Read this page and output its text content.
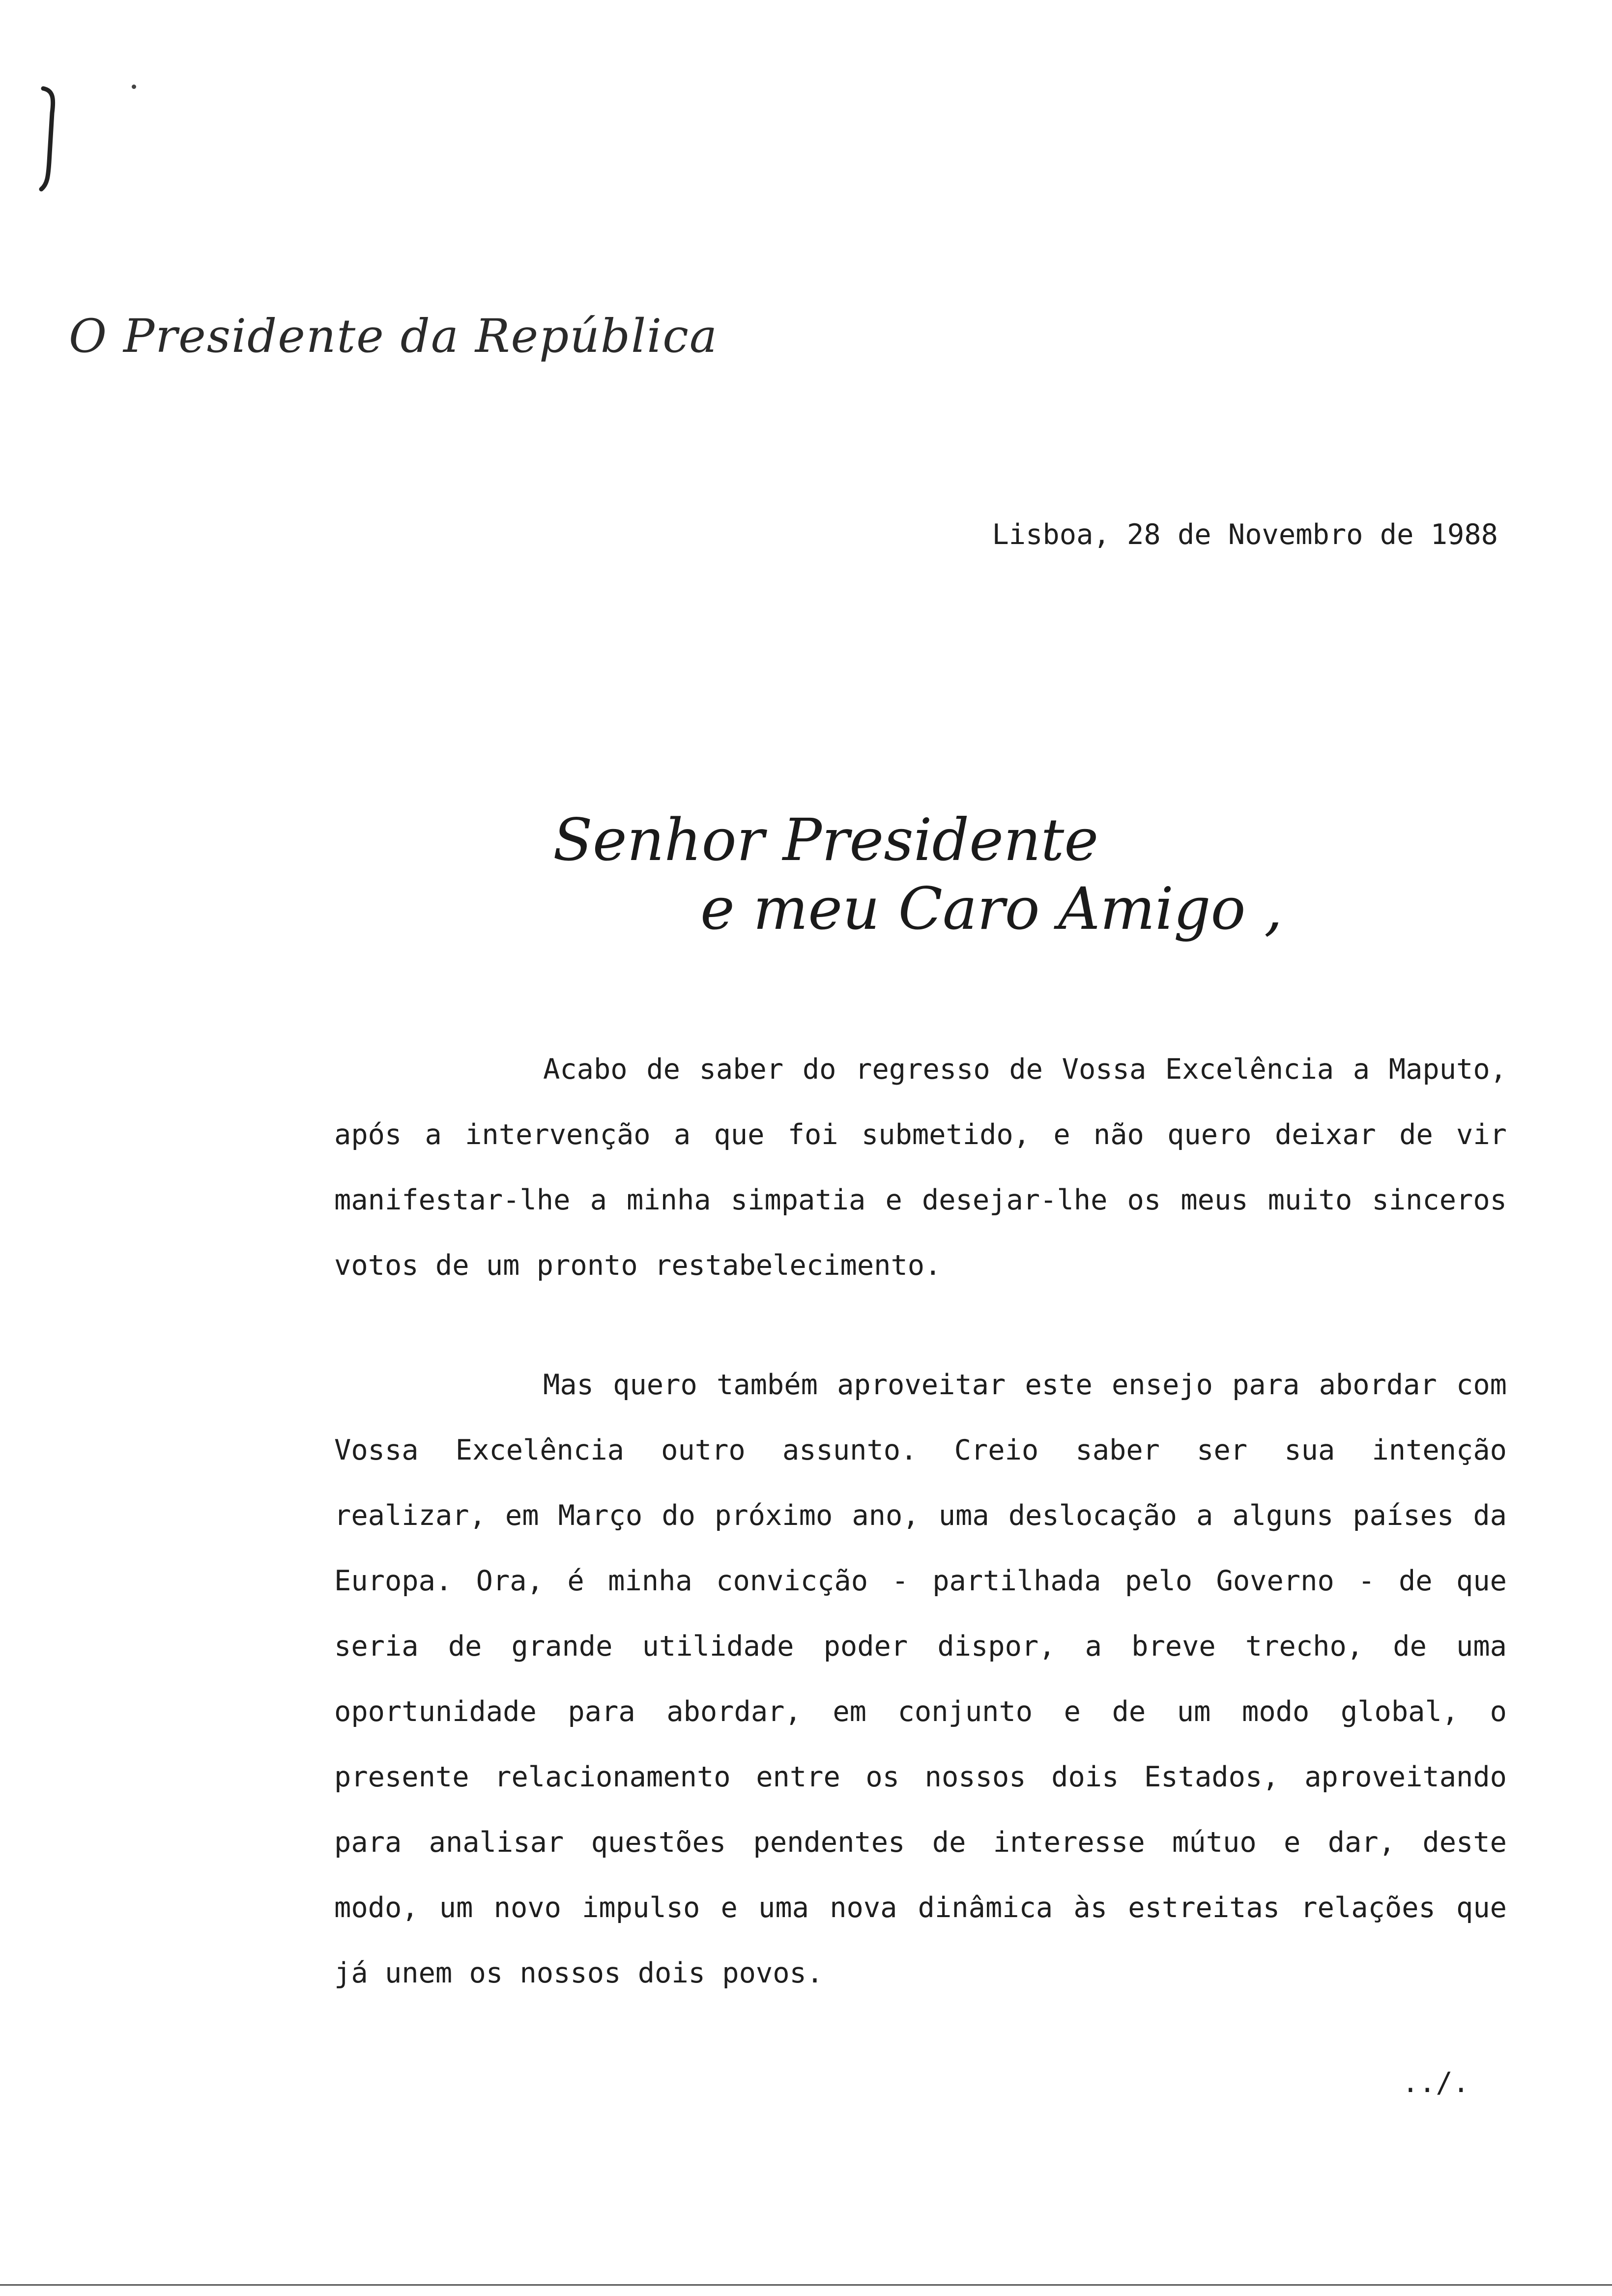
O Presidente da República
Lisboa, 28 de Novembro de 1988
Senhor Presidente
e meu Caro Amigo ,

Acabo de saber do regresso de Vossa Excelência a Maputo, após a intervenção a que foi submetido, e não quero deixar de vir manifestar-lhe a minha simpatia e desejar-lhe os meus muito sinceros votos de um pronto restabelecimento.

Mas quero também aproveitar este ensejo para abordar com Vossa Excelência outro assunto. Creio saber ser sua intenção realizar, em Março do próximo ano, uma deslocação a alguns países da Europa. Ora, é minha convicção - partilhada pelo Governo - de que seria de grande utilidade poder dispor, a breve trecho, de uma oportunidade para abordar, em conjunto e de um modo global, o presente relacionamento entre os nossos dois Estados, aproveitando para analisar questões pendentes de interesse mútuo e dar, deste modo, um novo impulso e uma nova dinâmica às estreitas relações que já unem os nossos dois povos.

../.
